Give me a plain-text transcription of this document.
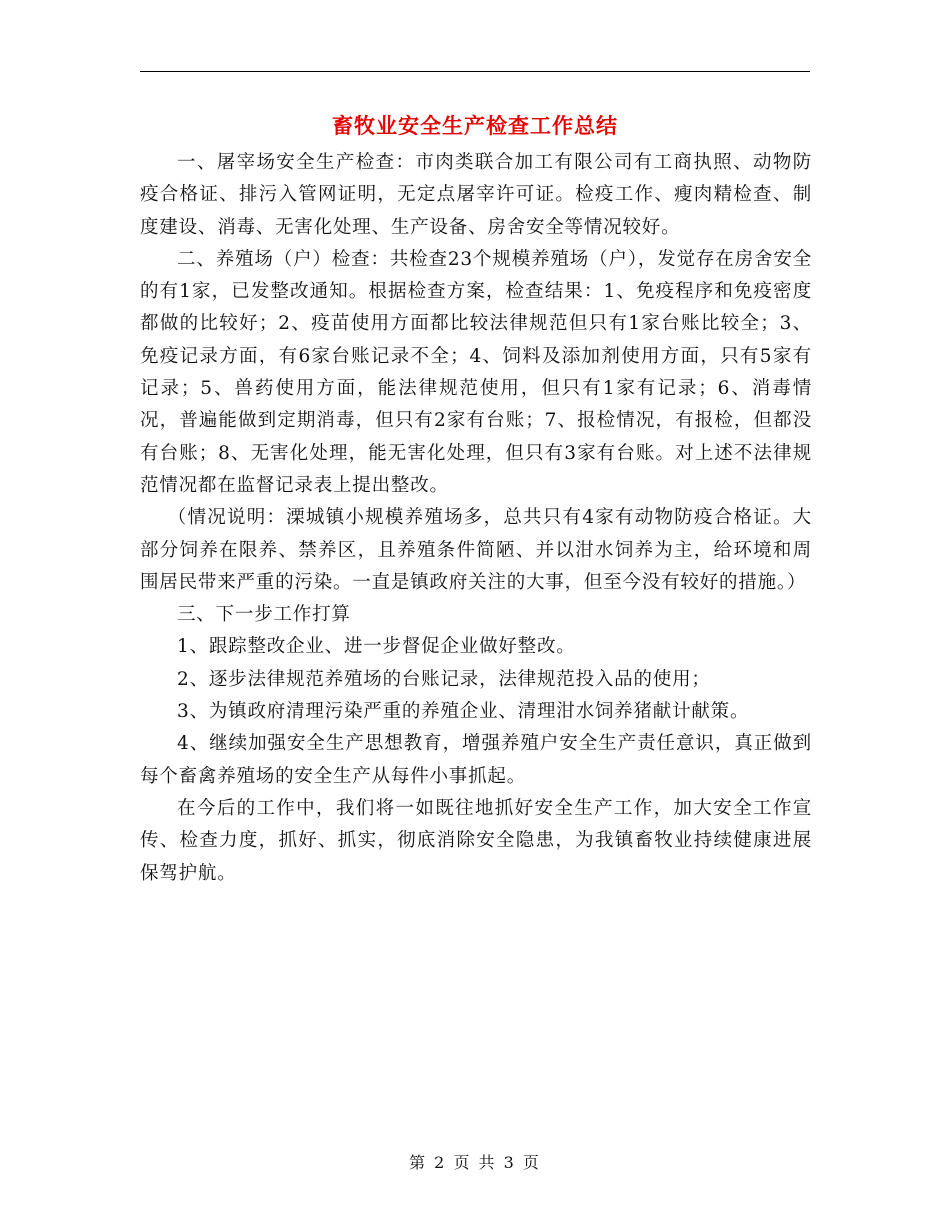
畜牧业安全生产检查工作总结

一、屠宰场安全生产检查：市肉类联合加工有限公司有工商执照、动物防疫合格证、排污入管网证明，无定点屠宰许可证。检疫工作、瘦肉精检查、制度建设、消毒、无害化处理、生产设备、房舍安全等情况较好。

二、养殖场（户）检查：共检查23个规模养殖场（户），发觉存在房舍安全的有1家，已发整改通知。根据检查方案，检查结果：1、免疫程序和免疫密度都做的比较好；2、疫苗使用方面都比较法律规范但只有1家台账比较全；3、免疫记录方面，有6家台账记录不全；4、饲料及添加剂使用方面，只有5家有记录；5、兽药使用方面，能法律规范使用，但只有1家有记录；6、消毒情况，普遍能做到定期消毒，但只有2家有台账；7、报检情况，有报检，但都没有台账；8、无害化处理，能无害化处理，但只有3家有台账。对上述不法律规范情况都在监督记录表上提出整改。

（情况说明：溧城镇小规模养殖场多，总共只有4家有动物防疫合格证。大部分饲养在限养、禁养区，且养殖条件简陋、并以泔水饲养为主，给环境和周围居民带来严重的污染。一直是镇政府关注的大事，但至今没有较好的措施。）

三、下一步工作打算

1、跟踪整改企业、进一步督促企业做好整改。

2、逐步法律规范养殖场的台账记录，法律规范投入品的使用；

3、为镇政府清理污染严重的养殖企业、清理泔水饲养猪献计献策。

4、继续加强安全生产思想教育，增强养殖户安全生产责任意识，真正做到每个畜禽养殖场的安全生产从每件小事抓起。

在今后的工作中，我们将一如既往地抓好安全生产工作，加大安全工作宣传、检查力度，抓好、抓实，彻底消除安全隐患，为我镇畜牧业持续健康进展保驾护航。

第 2 页 共 3 页
